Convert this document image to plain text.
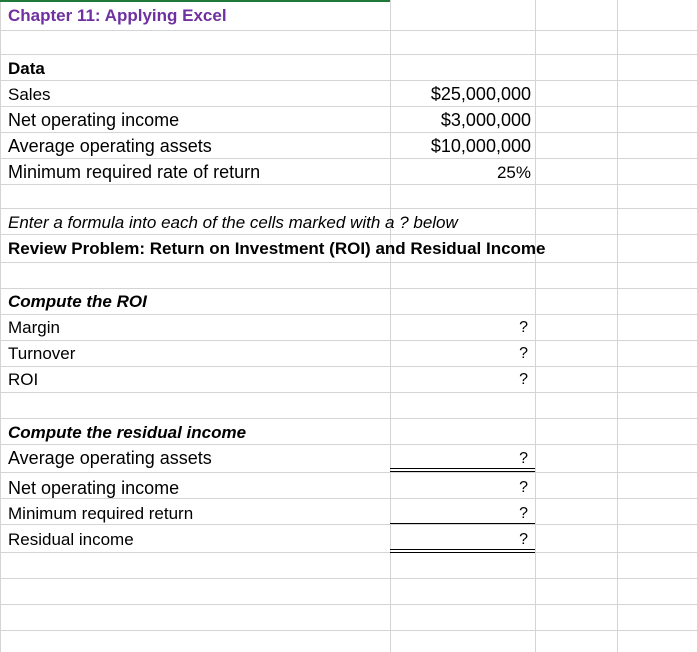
Chapter 11: Applying Excel
Data
Sales	$25,000,000
Net operating income	$3,000,000
Average operating assets	$10,000,000
Minimum required rate of return	25%
Enter a formula into each of the cells marked with a ? below
Review Problem: Return on Investment (ROI) and Residual Income
Compute the ROI
Margin	?
Turnover	?
ROI	?
Compute the residual income
Average operating assets	?
Net operating income	?
Minimum required return	?
Residual income	?
